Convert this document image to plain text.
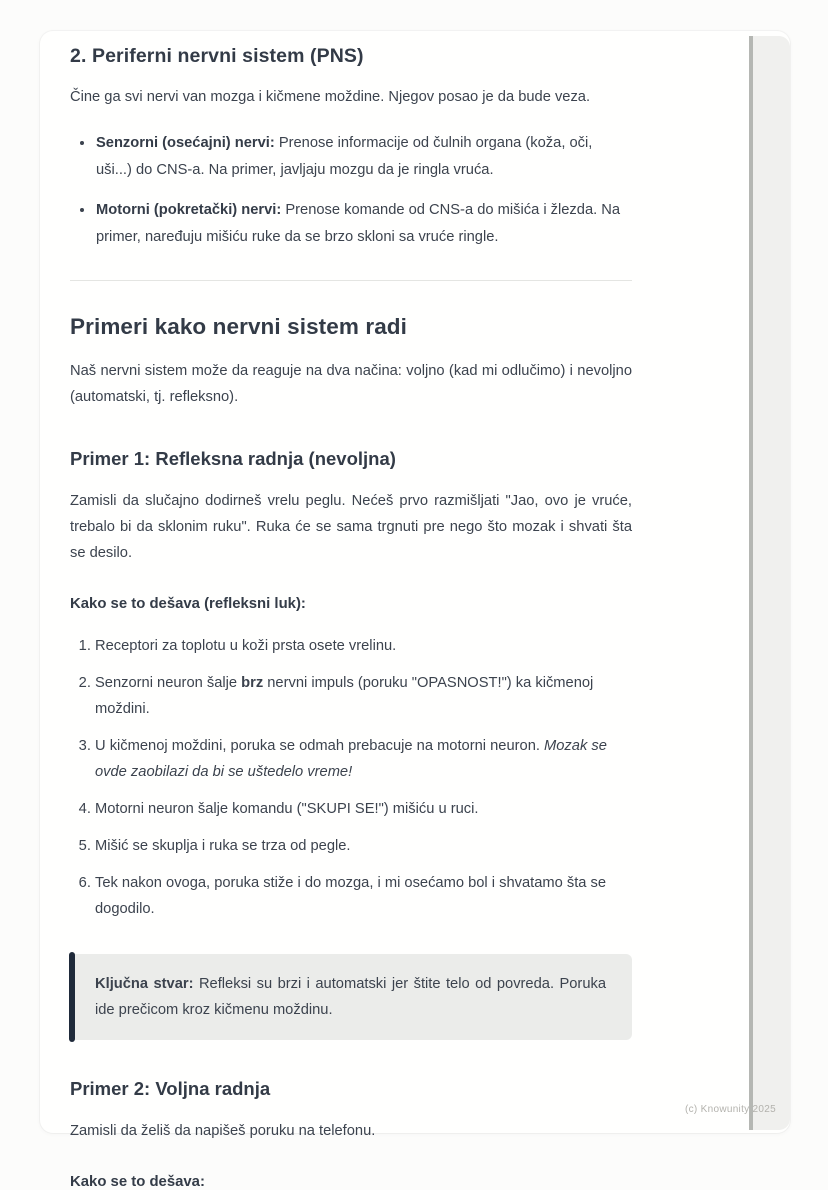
2. Periferni nervni sistem (PNS)

Čine ga svi nervi van mozga i kičmene moždine. Njegov posao je da bude veza.

• Senzorni (osećajni) nervi: Prenose informacije od čulnih organa (koža, oči, uši...) do CNS-a. Na primer, javljaju mozgu da je ringla vruća.
• Motorni (pokretački) nervi: Prenose komande od CNS-a do mišića i žlezda. Na primer, naređuju mišiću ruke da se brzo skloni sa vruće ringle.
Primeri kako nervni sistem radi

Naš nervni sistem može da reaguje na dva načina: voljno (kad mi odlučimo) i nevoljno (automatski, tj. refleksno).

Primer 1: Refleksna radnja (nevoljna)

Zamisli da slučajno dodirneš vrelu peglu. Nećeš prvo razmišljati "Jao, ovo je vruće, trebalo bi da sklonim ruku". Ruka će se sama trgnuti pre nego što mozak i shvati šta se desilo.

Kako se to dešava (refleksni luk):

1. Receptori za toplotu u koži prsta osete vrelinu.
2. Senzorni neuron šalje brz nervni impuls (poruku "OPASNOST!") ka kičmenoj moždini.
3. U kičmenoj moždini, poruka se odmah prebacuje na motorni neuron. Mozak se ovde zaobilazi da bi se uštedelo vreme!
4. Motorni neuron šalje komandu ("SKUPI SE!") mišiću u ruci.
5. Mišić se skuplja i ruka se trza od pegle.
6. Tek nakon ovoga, poruka stiže i do mozga, i mi osećamo bol i shvatamo šta se dogodilo.
Ključna stvar: Refleksi su brzi i automatski jer štite telo od povreda. Poruka ide prečicom kroz kičmenu moždinu.
Primer 2: Voljna radnja

Zamisli da želiš da napišeš poruku na telefonu.

Kako se to dešava:

(c) Knowunity 2025
